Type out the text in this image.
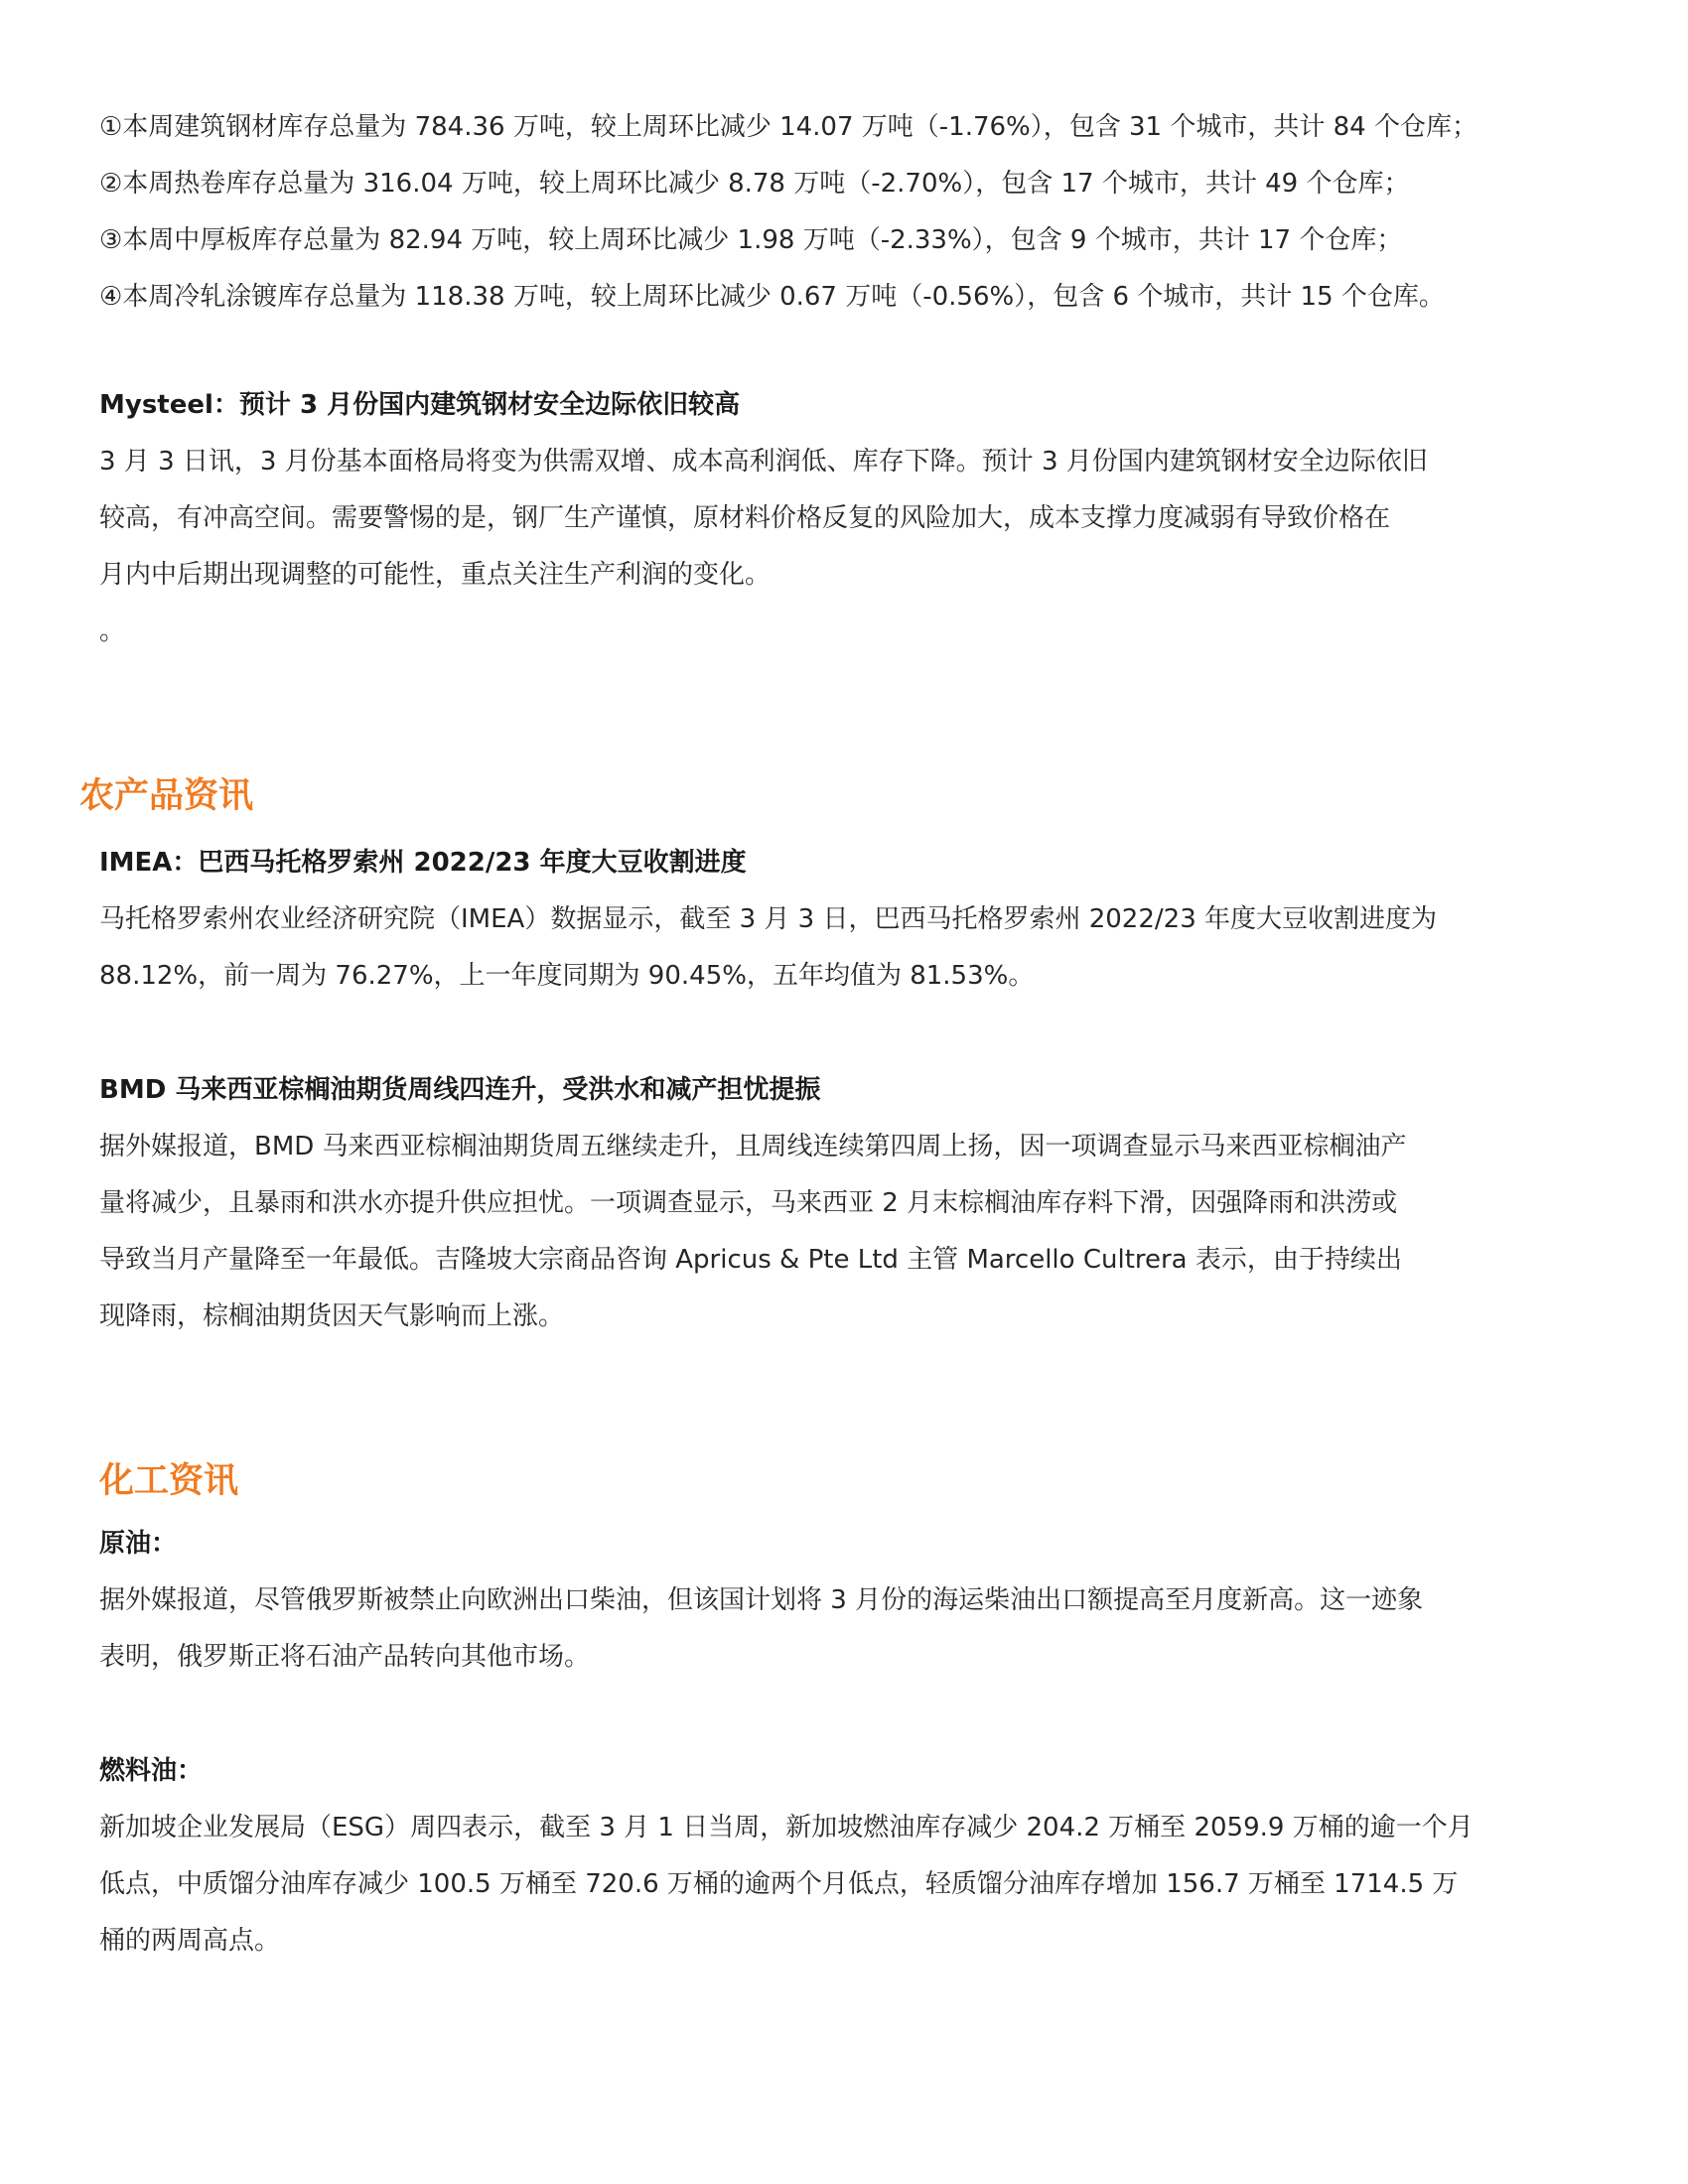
①本周建筑钢材库存总量为 784.36 万吨，较上周环比减少 14.07 万吨（-1.76%），包含 31 个城市，共计 84 个仓库；
②本周热卷库存总量为 316.04 万吨，较上周环比减少 8.78 万吨（-2.70%），包含 17 个城市，共计 49 个仓库；
③本周中厚板库存总量为 82.94 万吨，较上周环比减少 1.98 万吨（-2.33%），包含 9 个城市，共计 17 个仓库；
④本周冷轧涂镀库存总量为 118.38 万吨，较上周环比减少 0.67 万吨（-0.56%），包含 6 个城市，共计 15 个仓库。
Mysteel：预计 3 月份国内建筑钢材安全边际依旧较高
3 月 3 日讯，3 月份基本面格局将变为供需双增、成本高利润低、库存下降。预计 3 月份国内建筑钢材安全边际依旧
较高，有冲高空间。需要警惕的是，钢厂生产谨慎，原材料价格反复的风险加大，成本支撑力度减弱有导致价格在
月内中后期出现调整的可能性，重点关注生产利润的变化。
。
农产品资讯
IMEA：巴西马托格罗索州 2022/23 年度大豆收割进度
马托格罗索州农业经济研究院（IMEA）数据显示，截至 3 月 3 日，巴西马托格罗索州 2022/23 年度大豆收割进度为
88.12%，前一周为 76.27%，上一年度同期为 90.45%，五年均值为 81.53%。
BMD 马来西亚棕榈油期货周线四连升，受洪水和减产担忧提振
据外媒报道，BMD 马来西亚棕榈油期货周五继续走升，且周线连续第四周上扬，因一项调查显示马来西亚棕榈油产
量将减少，且暴雨和洪水亦提升供应担忧。一项调查显示，马来西亚 2 月末棕榈油库存料下滑，因强降雨和洪涝或
导致当月产量降至一年最低。吉隆坡大宗商品咨询 Apricus & Pte Ltd 主管 Marcello Cultrera 表示，由于持续出
现降雨，棕榈油期货因天气影响而上涨。
化工资讯
原油：
据外媒报道，尽管俄罗斯被禁止向欧洲出口柴油，但该国计划将 3 月份的海运柴油出口额提高至月度新高。这一迹象
表明，俄罗斯正将石油产品转向其他市场。
燃料油：
新加坡企业发展局（ESG）周四表示，截至 3 月 1 日当周，新加坡燃油库存减少 204.2 万桶至 2059.9 万桶的逾一个月
低点，中质馏分油库存减少 100.5 万桶至 720.6 万桶的逾两个月低点，轻质馏分油库存增加 156.7 万桶至 1714.5 万
桶的两周高点。
